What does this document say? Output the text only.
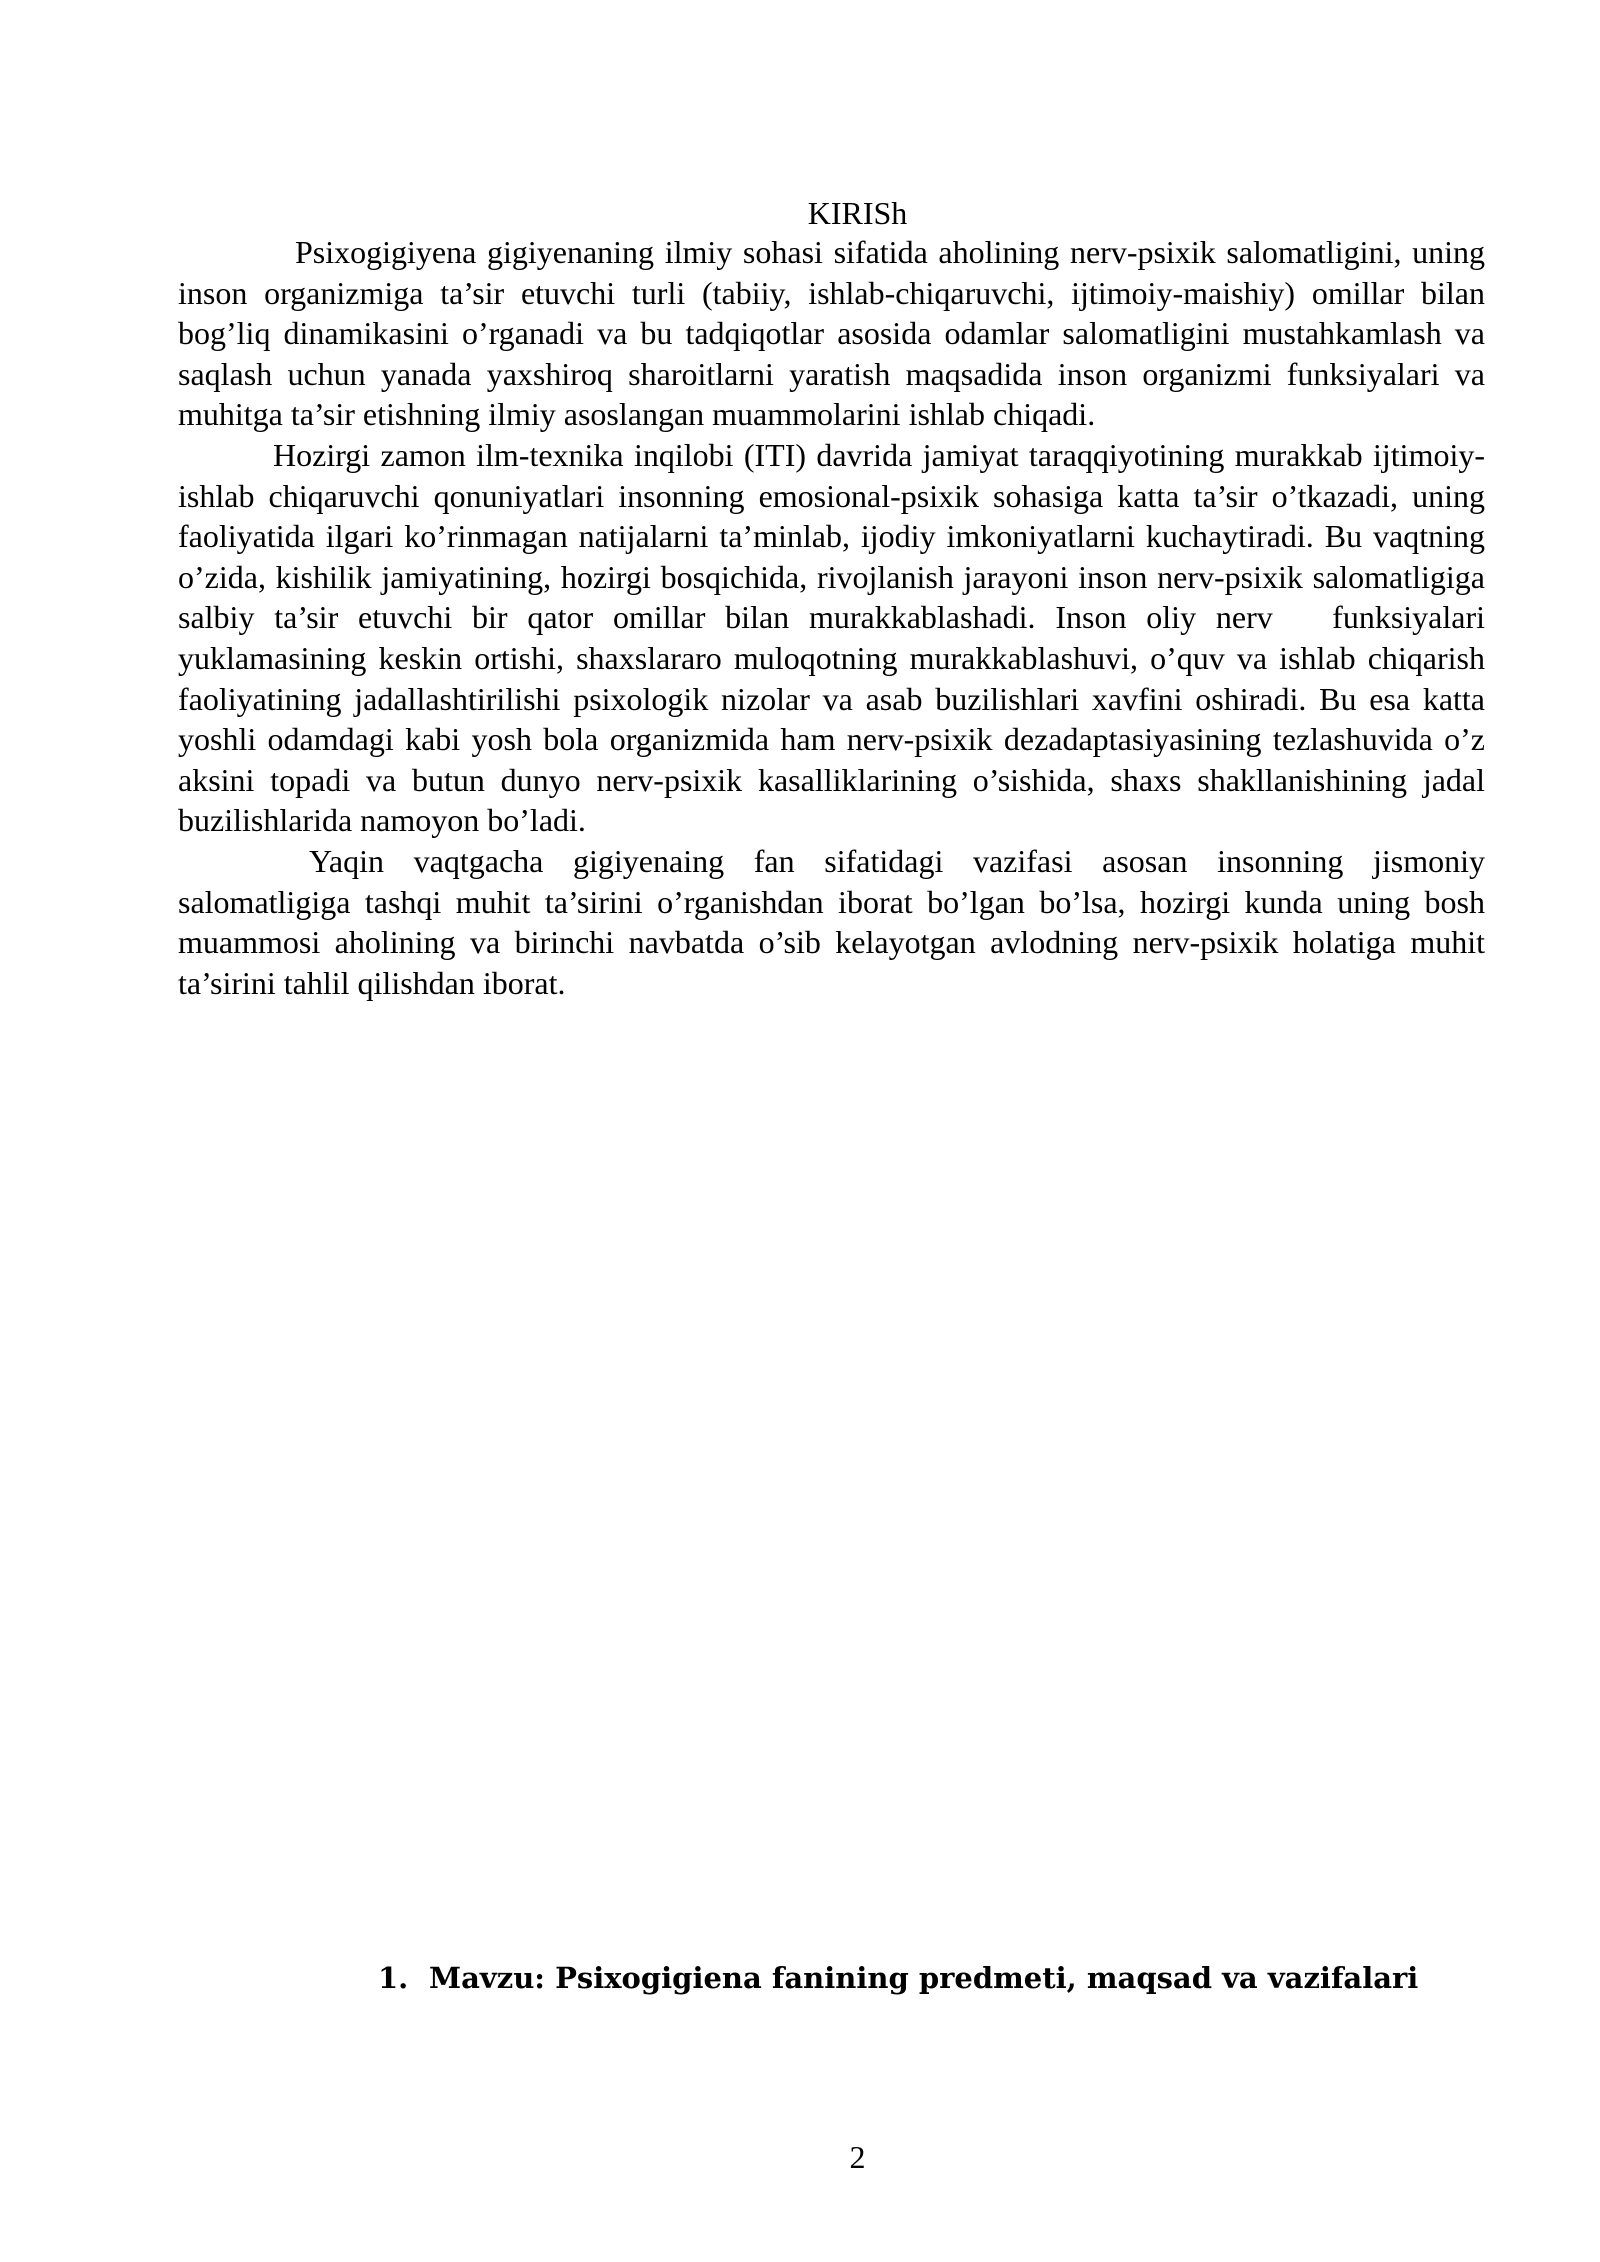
KIRISh

Psixogigiyena gigiyenaning ilmiy sohasi sifatida aholining nerv-psixik salomatligini, uning inson organizmiga ta’sir etuvchi turli (tabiiy, ishlab-chiqaruvchi, ijtimoiy-maishiy) omillar bilan bog’liq dinamikasini o’rganadi va bu tadqiqotlar asosida odamlar salomatligini mustahkamlash va saqlash uchun yanada yaxshiroq sharoitlarni yaratish maqsadida inson organizmi funksiyalari va muhitga ta’sir etishning ilmiy asoslangan muammolarini ishlab chiqadi.

Hozirgi zamon ilm-texnika inqilobi (ITI) davrida jamiyat taraqqiyotining murakkab ijtimoiy-ishlab chiqaruvchi qonuniyatlari insonning emosional-psixik sohasiga katta ta’sir o’tkazadi, uning faoliyatida ilgari ko’rinmagan natijalarni ta’minlab, ijodiy imkoniyatlarni kuchaytiradi. Bu vaqtning o’zida, kishilik jamiyatining, hozirgi bosqichida, rivojlanish jarayoni inson nerv-psixik salomatligiga salbiy ta’sir etuvchi bir qator omillar bilan murakkablashadi. Inson oliy nerv   funksiyalari yuklamasining keskin ortishi, shaxslararo muloqotning murakkablashuvi, o’quv va ishlab chiqarish faoliyatining jadallashtirilishi psixologik nizolar va asab buzilishlari xavfini oshiradi. Bu esa katta yoshli odamdagi kabi yosh bola organizmida ham nerv-psixik dezadaptasiyasining tezlashuvida o’z aksini topadi va butun dunyo nerv-psixik kasalliklarining o’sishida, shaxs shakllanishining jadal buzilishlarida namoyon bo’ladi.

Yaqin vaqtgacha gigiyenaing fan sifatidagi vazifasi asosan insonning jismoniy salomatligiga tashqi muhit ta’sirini o’rganishdan iborat bo’lgan bo’lsa, hozirgi kunda uning bosh muammosi aholining va birinchi navbatda o’sib kelayotgan avlodning nerv-psixik holatiga muhit ta’sirini tahlil qilishdan iborat.

1. Mavzu: Psixogigiena fanining predmeti, maqsad va vazifalari
2
